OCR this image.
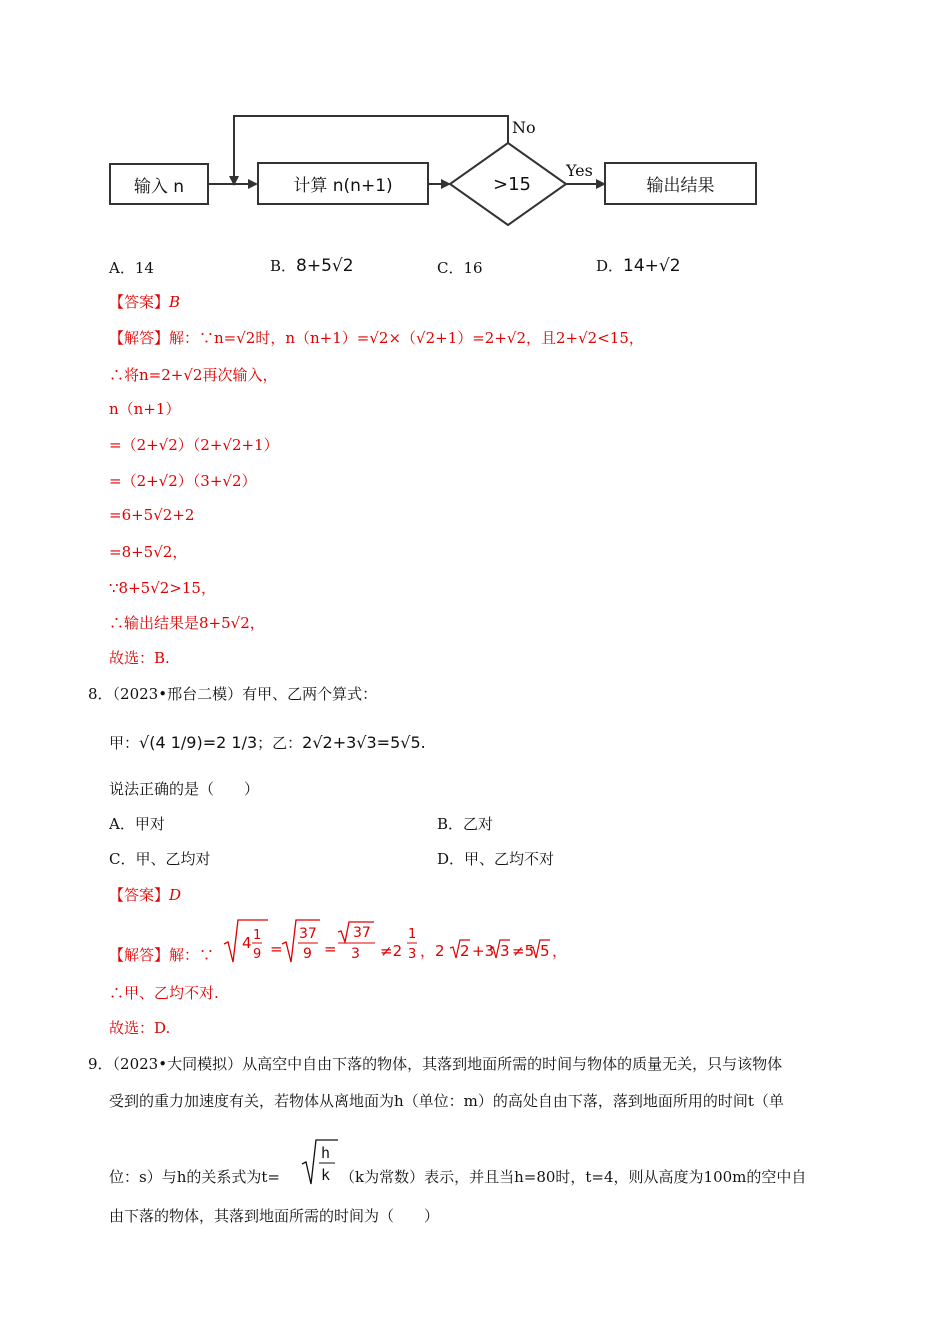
输入 n	计算 n(n+1)	>15
No
Yes
输出结果
A．14	B．8+5√2	C．16	D．14+√2
【答案】B
【解答】解：∵n=√2时，n（n+1）=√2×（√2+1）=2+√2，且2+√2<15，
∴将n=2+√2再次输入，
n（n+1）
=（2+√2）（2+√2+1）
=（2+√2）（3+√2）
=6+5√2+2
=8+5√2，
∵8+5√2>15，
∴输出结果是8+5√2，
故选：B.
8．（2023•邢台二模）有甲、乙两个算式：
甲：√(4 1/9)=2 1/3；乙：2√2+3√3=5√5.
说法正确的是（　　）
A．甲对	B．乙对
C．甲、乙均对	D．甲、乙均不对
【答案】D
【解答】解：∵
4 1
9 =
37
9 =
37
3 ≠2
1
3 ，2 2 +3 3 ≠5 5 ，
∴甲、乙均不对.
故选：D.
9．（2023•大同模拟）从高空中自由下落的物体，其落到地面所需的时间与物体的质量无关，只与该物体
受到的重力加速度有关，若物体从离地面为h（单位：m）的高处自由下落，落到地面所用的时间t（单
位：s）与h的关系式为t=
h
k （k为常数）表示，并且当h=80时，t=4，则从高度为100m的空中自
由下落的物体，其落到地面所需的时间为（　　）
